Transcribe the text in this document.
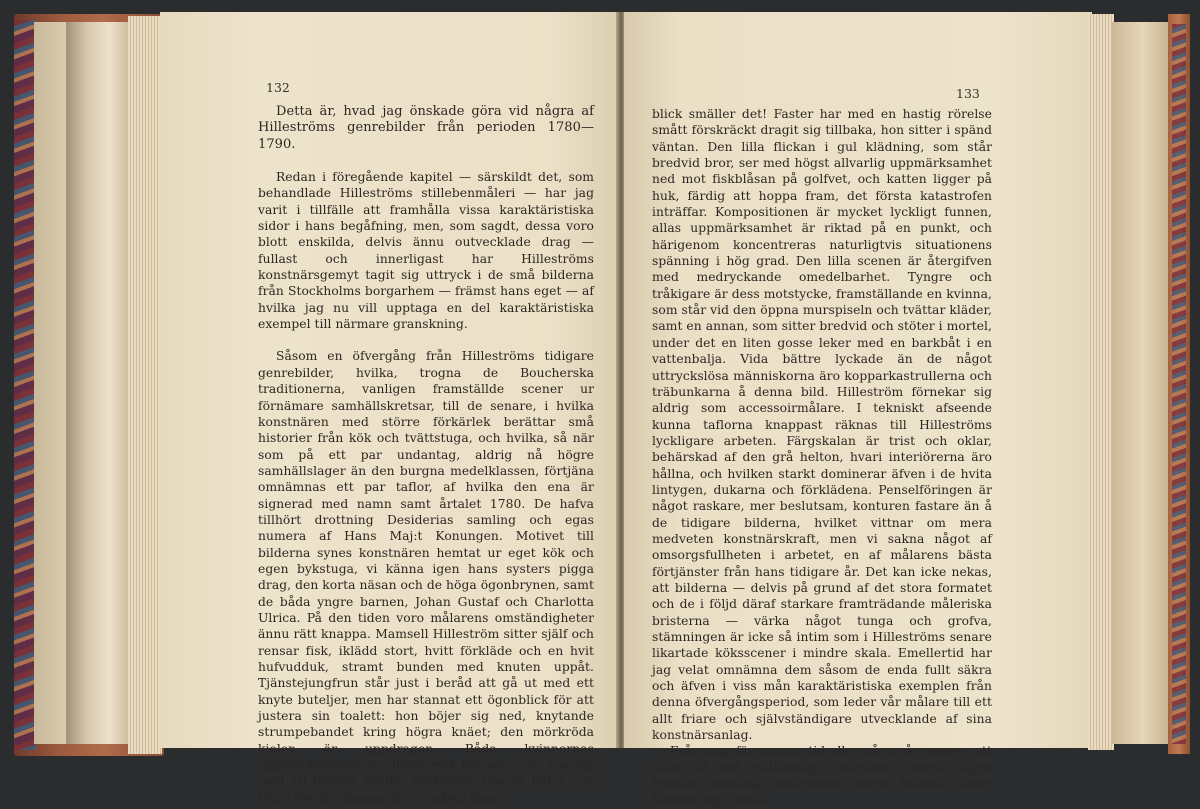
132

Detta är, hvad jag önskade göra vid några af Hilleströms genrebilder från perioden 1780—1790.

Redan i föregående kapitel — särskildt det, som behandlade Hilleströms stillebenmåleri — har jag varit i tillfälle att framhålla vissa karaktäristiska sidor i hans begåfning, men, som sagdt, dessa voro blott enskilda, delvis ännu outvecklade drag — fullast och innerligast har Hilleströms konstnärsgemyt tagit sig uttryck i de små bilderna från Stockholms borgarhem — främst hans eget — af hvilka jag nu vill upptaga en del karaktäristiska exempel till närmare granskning.

Såsom en öfvergång från Hilleströms tidigare genrebilder, hvilka, trogna de Boucherska traditionerna, vanligen framställde scener ur förnämare samhällskretsar, till de senare, i hvilka konstnären med större förkärlek berättar små historier från kök och tvättstuga, och hvilka, så när som på ett par undantag, aldrig nå högre samhällslager än den burgna medelklassen, förtjäna omnämnas ett par taflor, af hvilka den ena är signerad med namn samt årtalet 1780. De hafva tillhört drottning Desiderias samling och egas numera af Hans Maj:t Konungen. Motivet till bilderna synes konstnären hemtat ur eget kök och egen bykstuga, vi känna igen hans systers pigga drag, den korta näsan och de höga ögonbrynen, samt de båda yngre barnen, Johan Gustaf och Charlotta Ulrica. På den tiden voro målarens omständigheter ännu rätt knappa. Mamsell Hilleström sitter själf och rensar fisk, iklädd stort, hvitt förkläde och en hvit hufvudduk, stramt bunden med knuten uppåt. Tjänstejungfrun står just i beråd att gå ut med ett knyte buteljer, men har stannat ett ögonblick för att justera sin toalett: hon böjer sig ned, knytande strumpebandet kring högra knäet; den mörkröda kjolen är uppdragen. Båda kvinnornas uppmärksamhet är riktad mot barnen, som roa sig med att trampa sönder fiskblåsor. Gossen lyfter just foten för att stampa till — i nästa ögon-

133

blick smäller det! Faster har med en hastig rörelse smått förskräckt dragit sig tillbaka, hon sitter i spänd väntan. Den lilla flickan i gul klädning, som står bredvid bror, ser med högst allvarlig uppmärksamhet ned mot fiskblåsan på golfvet, och katten ligger på huk, färdig att hoppa fram, det första katastrofen inträffar. Kompositionen är mycket lyckligt funnen, allas uppmärksamhet är riktad på en punkt, och härigenom koncentreras naturligtvis situationens spänning i hög grad. Den lilla scenen är återgifven med medryckande omedelbarhet. Tyngre och tråkigare är dess motstycke, framställande en kvinna, som står vid den öppna murspiseln och tvättar kläder, samt en annan, som sitter bredvid och stöter i mortel, under det en liten gosse leker med en barkbåt i en vattenbalja. Vida bättre lyckade än de något uttryckslösa människorna äro kopparkastrullerna och träbunkarna å denna bild. Hilleström förnekar sig aldrig som accessoirmålare. I tekniskt afseende kunna taflorna knappast räknas till Hilleströms lyckligare arbeten. Färgskalan är trist och oklar, behärskad af den grå helton, hvari interiörerna äro hållna, och hvilken starkt dominerar äfven i de hvita lintygen, dukarna och förklädena. Penselföringen är något raskare, mer beslutsam, konturen fastare än å de tidigare bilderna, hvilket vittnar om mera medveten konstnärskraft, men vi sakna något af omsorgsfullheten i arbetet, en af målarens bästa förtjänster från hans tidigare år. Det kan icke nekas, att bilderna — delvis på grund af det stora formatet och de i följd däraf starkare framträdande måleriska bristerna — värka något tunga och grofva, stämningen är icke så intim som i Hilleströms senare likartade köksscener i mindre skala. Emellertid har jag velat omnämna dem såsom de enda fullt säkra och äfven i viss mån karaktäristiska exemplen från denna öfvergångsperiod, som leder vår målare till ett allt friare och självständigare utvecklande af sina konstnärsanlag.

Från ungefär samma tid eller några år senare, att sluta af det fullkomligt likartade, ehuru något friskare tekniska utförandet, torde tvänne bilder härleda sig, hvilka
